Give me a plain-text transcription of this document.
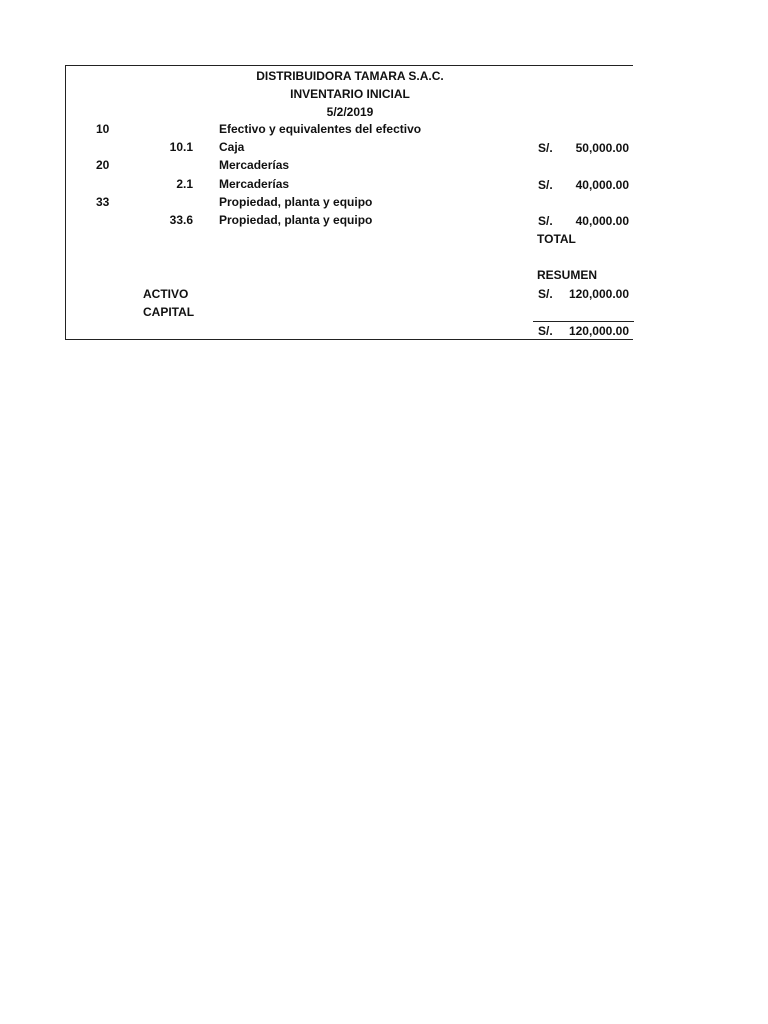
DISTRIBUIDORA TAMARA S.A.C.
INVENTARIO INICIAL
5/2/2019
10	Efectivo y equivalentes del efectivo
10.1 Caja	S/. 50,000.00
20	Mercaderías
2.1 Mercaderías	S/. 40,000.00
33	Propiedad, planta y equipo
33.6 Propiedad, planta y equipo	S/. 40,000.00
TOTAL
RESUMEN
ACTIVO	S/. 120,000.00
CAPITAL
S/. 120,000.00
